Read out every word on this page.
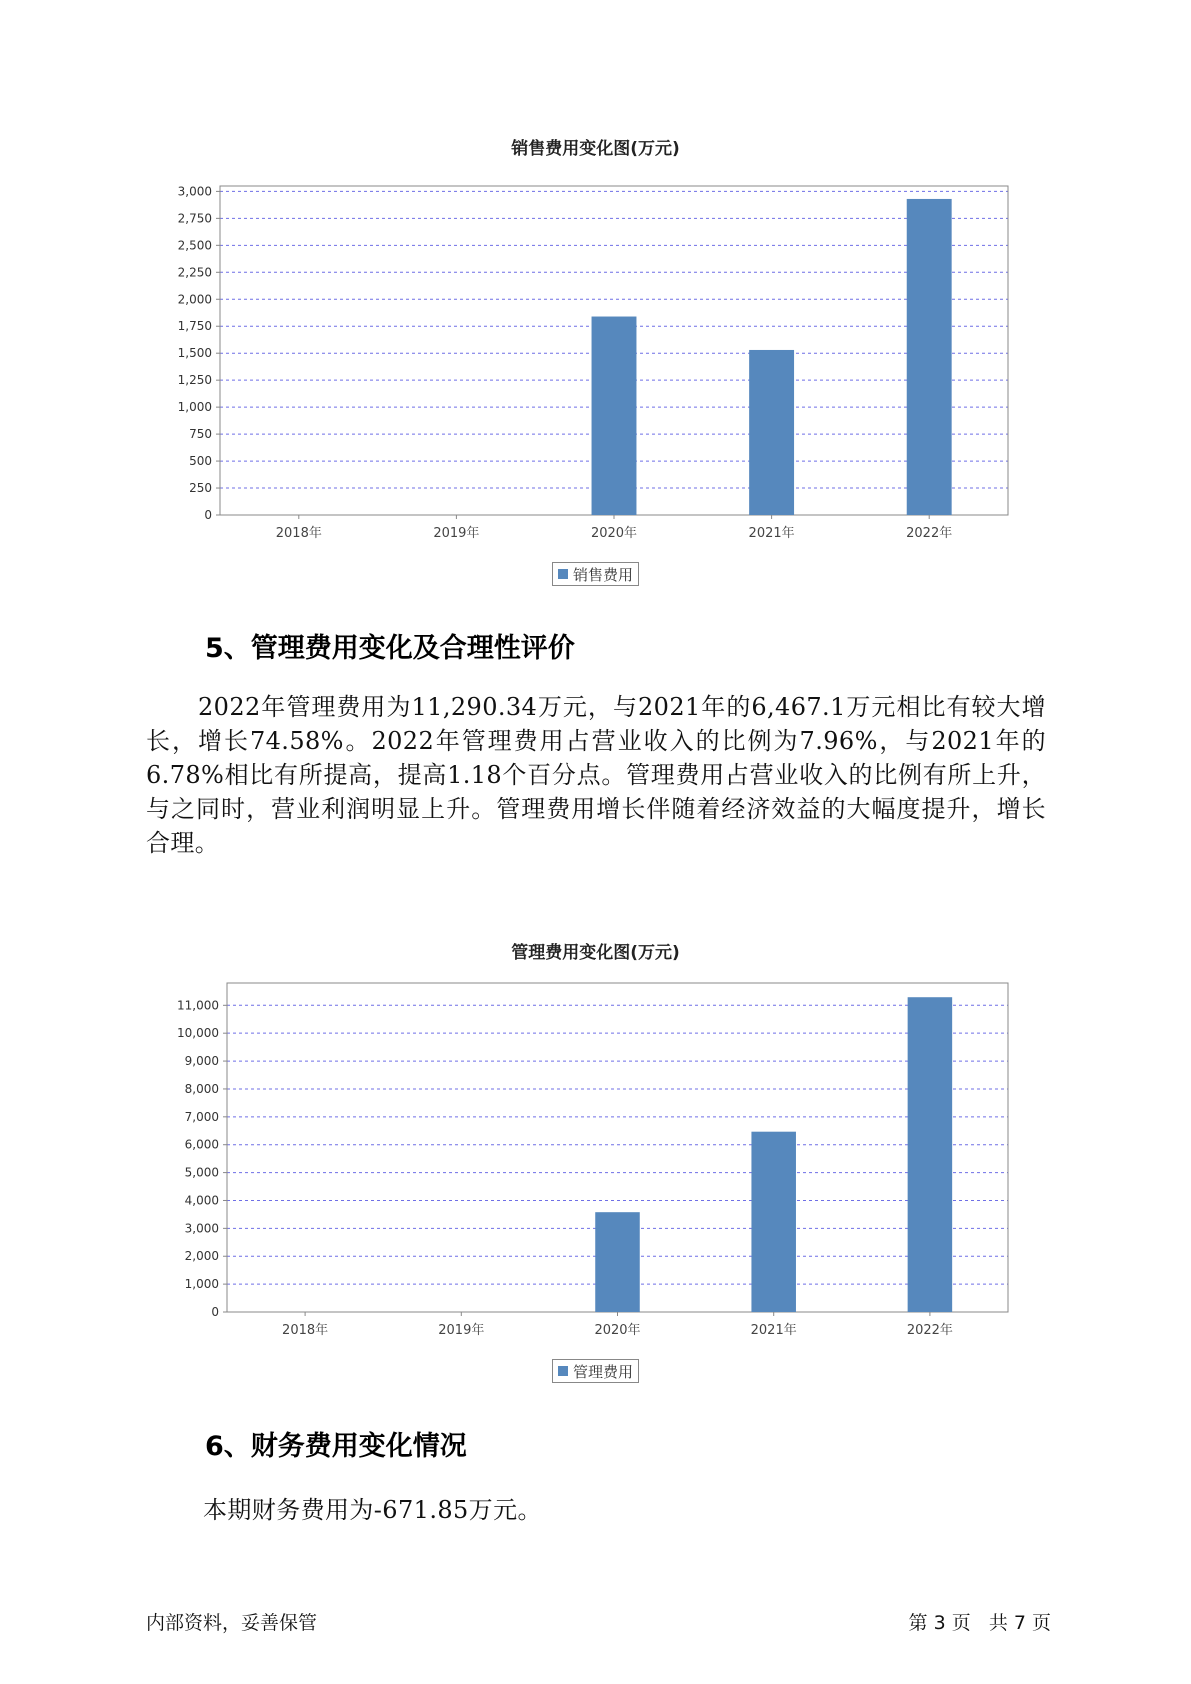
销售费用变化图(万元)
0
250
500
750
1,000
1,250
1,500
1,750
2,000
2,250
2,500
2,750
3,000
2018年	2019年	2020年	2021年	2022年
销售费用
5、管理费用变化及合理性评价

2022年管理费用为11,290.34万元，与2021年的6,467.1万元相比有较大增长，增长74.58%。2022年管理费用占营业收入的比例为7.96%，与2021年的6.78%相比有所提高，提高1.18个百分点。管理费用占营业收入的比例有所上升，与之同时，营业利润明显上升。管理费用增长伴随着经济效益的大幅度提升，增长合理。

管理费用变化图(万元)
0
1,000
2,000
3,000
4,000
5,000
6,000
7,000
8,000
9,000
10,000
11,000
2018年	2019年	2020年	2021年	2022年
管理费用
6、财务费用变化情况

本期财务费用为-671.85万元。

内部资料，妥善保管	第 3 页   共 7 页
